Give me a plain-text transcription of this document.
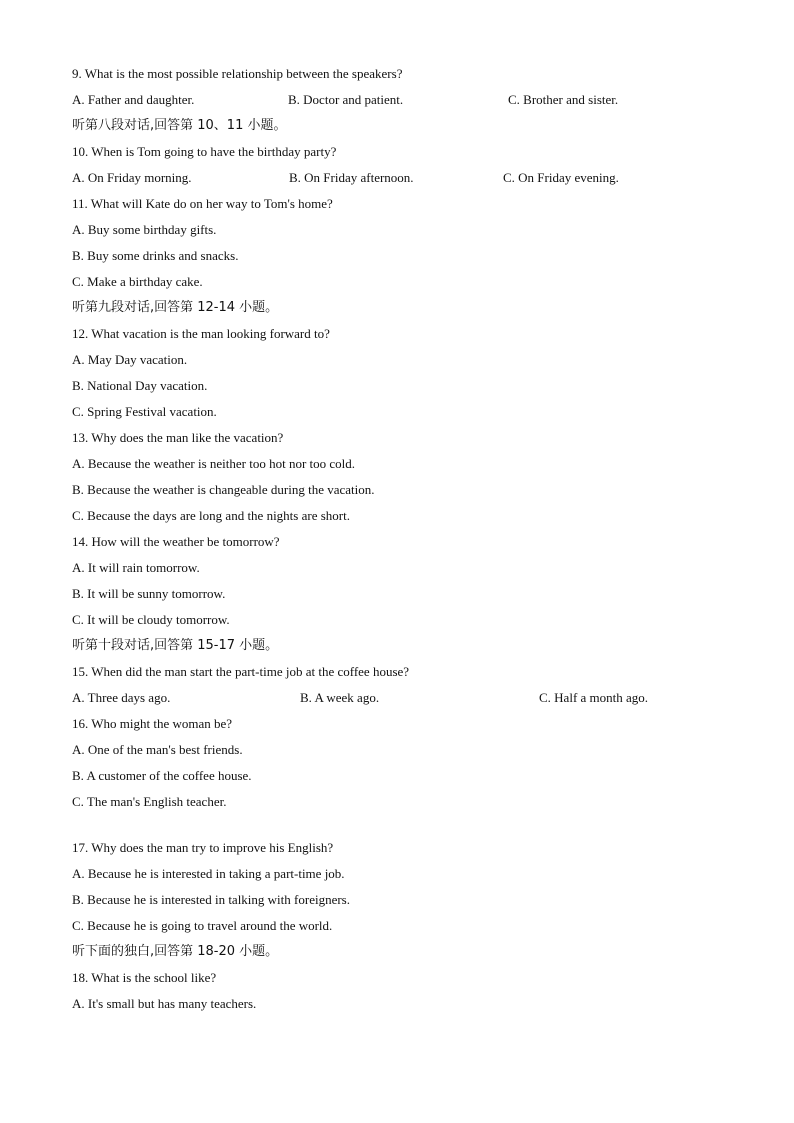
9. What is the most possible relationship between the speakers?
A. Father and daughter.	B. Doctor and patient.	C. Brother and sister.
听第八段对话,回答第 10、11 小题。
10. When is Tom going to have the birthday party?
A. On Friday morning.	B. On Friday afternoon.	C. On Friday evening.
11. What will Kate do on her way to Tom's home?
A. Buy some birthday gifts.
B. Buy some drinks and snacks.
C. Make a birthday cake.
听第九段对话,回答第 12-14 小题。
12. What vacation is the man looking forward to?
A. May Day vacation.
B. National Day vacation.
C. Spring Festival vacation.
13. Why does the man like the vacation?
A. Because the weather is neither too hot nor too cold.
B. Because the weather is changeable during the vacation.
C. Because the days are long and the nights are short.
14. How will the weather be tomorrow?
A. It will rain tomorrow.
B. It will be sunny tomorrow.
C. It will be cloudy tomorrow.
听第十段对话,回答第 15-17 小题。
15. When did the man start the part-time job at the coffee house?
A. Three days ago.	B. A week ago.	C. Half a month ago.
16. Who might the woman be?
A. One of the man's best friends.
B. A customer of the coffee house.
C. The man's English teacher.
17. Why does the man try to improve his English?
A. Because he is interested in taking a part-time job.
B. Because he is interested in talking with foreigners.
C. Because he is going to travel around the world.
听下面的独白,回答第 18-20 小题。
18. What is the school like?
A. It's small but has many teachers.
